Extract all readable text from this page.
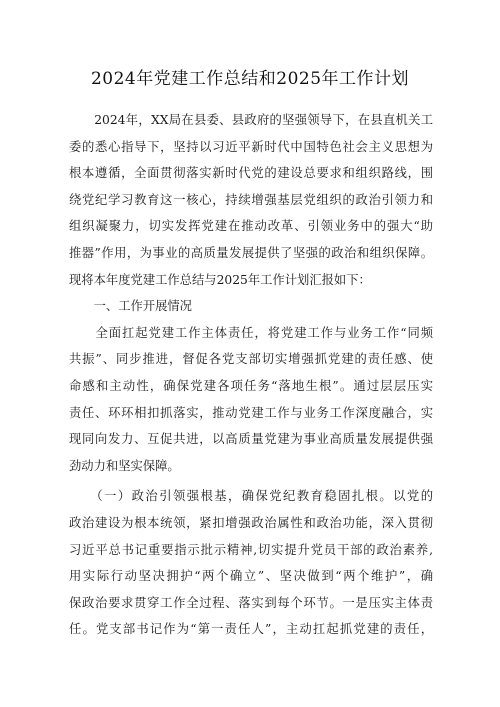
2024年党建工作总结和2025年工作计划
　　2024年，XX局在县委、县政府的坚强领导下，在县直机关工
委的悉心指导下，坚持以习近平新时代中国特色社会主义思想为
根本遵循，全面贯彻落实新时代党的建设总要求和组织路线，围
绕党纪学习教育这一核心，持续增强基层党组织的政治引领力和
组织凝聚力，切实发挥党建在推动改革、引领业务中的强大“助
推器”作用，为事业的高质量发展提供了坚强的政治和组织保障。
现将本年度党建工作总结与2025年工作计划汇报如下：
　　一、工作开展情况
　　全面扛起党建工作主体责任，将党建工作与业务工作“同频
共振”、同步推进，督促各党支部切实增强抓党建的责任感、使
命感和主动性，确保党建各项任务“落地生根”。通过层层压实
责任、环环相扣抓落实，推动党建工作与业务工作深度融合，实
现同向发力、互促共进，以高质量党建为事业高质量发展提供强
劲动力和坚实保障。
　　（一）政治引领强根基，确保党纪教育稳固扎根。以党的
政治建设为根本统领，紧扣增强政治属性和政治功能，深入贯彻
习近平总书记重要指示批示精神,切实提升党员干部的政治素养,
用实际行动坚决拥护“两个确立”、坚决做到“两个维护”，确
保政治要求贯穿工作全过程、落实到每个环节。一是压实主体责
任。党支部书记作为“第一责任人”，主动扛起抓党建的责任，
